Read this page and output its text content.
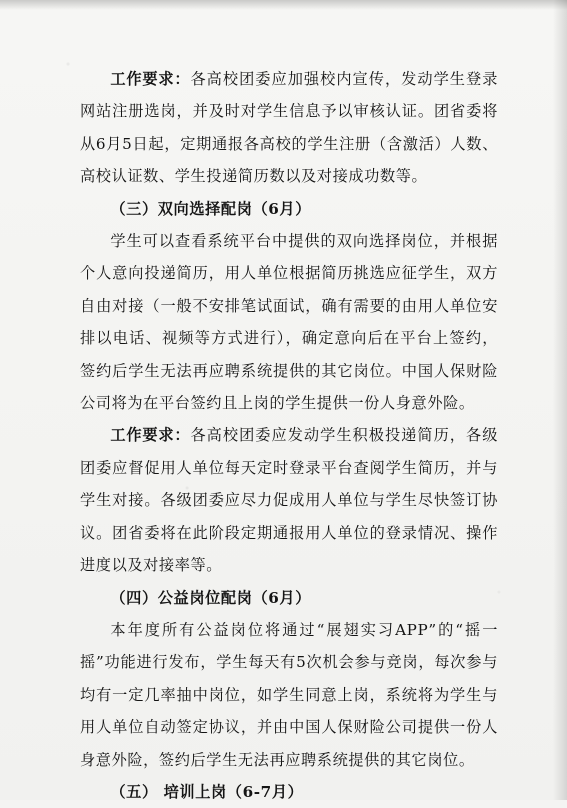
工作要求：各高校团委应加强校内宣传，发动学生登录网站注册选岗，并及时对学生信息予以审核认证。团省委将从6月5日起，定期通报各高校的学生注册（含激活）人数、高校认证数、学生投递简历数以及对接成功数等。

（三）双向选择配岗（6月）

学生可以查看系统平台中提供的双向选择岗位，并根据个人意向投递简历，用人单位根据简历挑选应征学生，双方自由对接（一般不安排笔试面试，确有需要的由用人单位安排以电话、视频等方式进行），确定意向后在平台上签约，签约后学生无法再应聘系统提供的其它岗位。中国人保财险公司将为在平台签约且上岗的学生提供一份人身意外险。

工作要求：各高校团委应发动学生积极投递简历，各级团委应督促用人单位每天定时登录平台查阅学生简历，并与学生对接。各级团委应尽力促成用人单位与学生尽快签订协议。团省委将在此阶段定期通报用人单位的登录情况、操作进度以及对接率等。

（四）公益岗位配岗（6月）

本年度所有公益岗位将通过“展翅实习APP”的“摇一摇”功能进行发布，学生每天有5次机会参与竞岗，每次参与均有一定几率抽中岗位，如学生同意上岗，系统将为学生与用人单位自动签定协议，并由中国人保财险公司提供一份人身意外险，签约后学生无法再应聘系统提供的其它岗位。

（五） 培训上岗（6-7月）
